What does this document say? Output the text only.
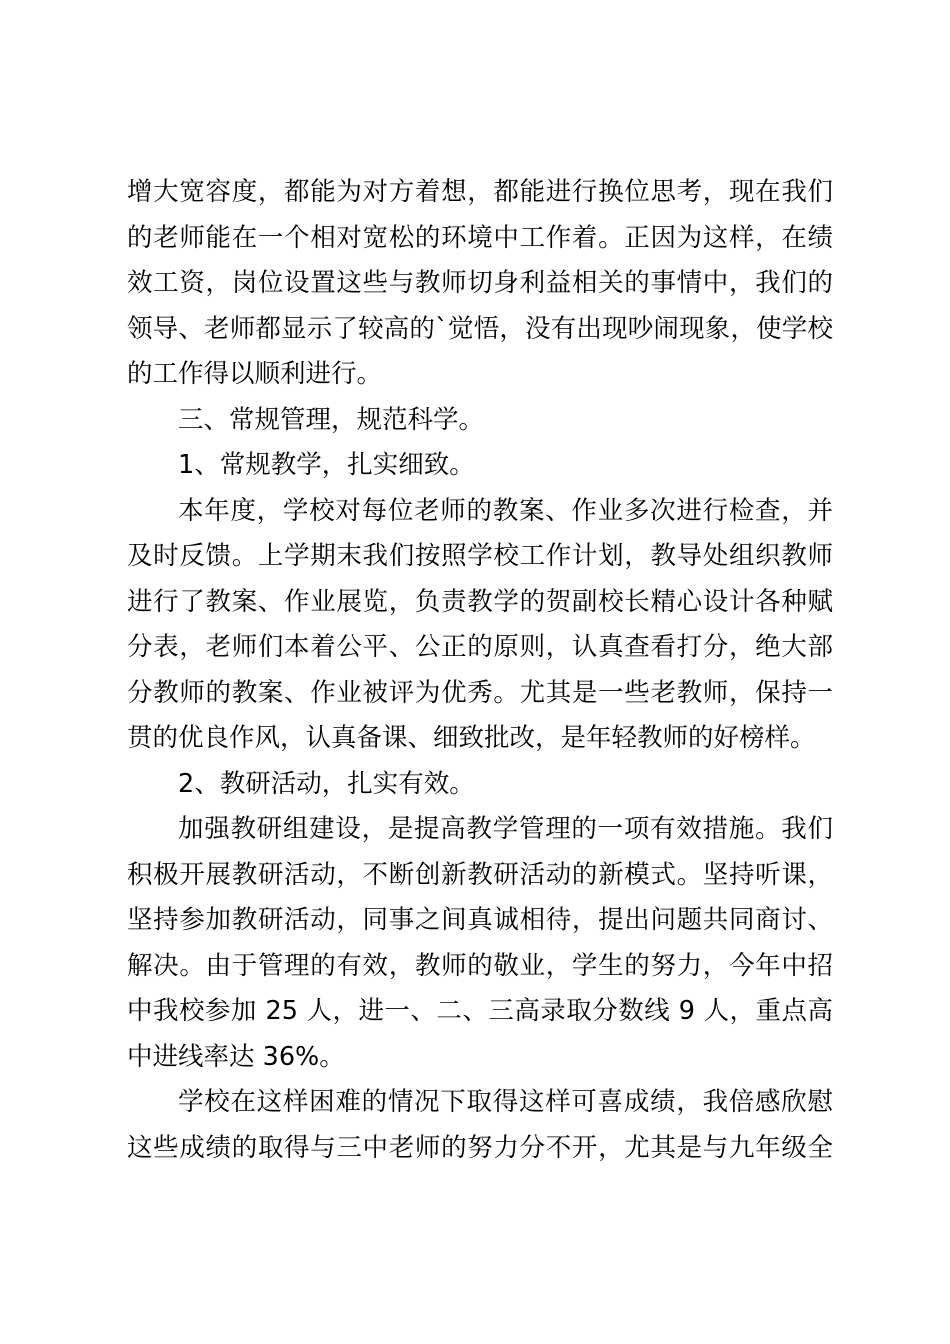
增大宽容度，都能为对方着想，都能进行换位思考，现在我们
的老师能在一个相对宽松的环境中工作着。正因为这样，在绩
效工资，岗位设置这些与教师切身利益相关的事情中，我们的
领导、老师都显示了较高的`觉悟，没有出现吵闹现象，使学校
的工作得以顺利进行。
三、常规管理，规范科学。
1、常规教学，扎实细致。
本年度，学校对每位老师的教案、作业多次进行检查，并
及时反馈。上学期末我们按照学校工作计划，教导处组织教师
进行了教案、作业展览，负责教学的贺副校长精心设计各种赋
分表，老师们本着公平、公正的原则，认真查看打分，绝大部
分教师的教案、作业被评为优秀。尤其是一些老教师，保持一
贯的优良作风，认真备课、细致批改，是年轻教师的好榜样。
2、教研活动，扎实有效。
加强教研组建设，是提高教学管理的一项有效措施。我们
积极开展教研活动，不断创新教研活动的新模式。坚持听课，
坚持参加教研活动，同事之间真诚相待，提出问题共同商讨、
解决。由于管理的有效，教师的敬业，学生的努力，今年中招
中我校参加 25 人，进一、二、三高录取分数线 9 人，重点高
中进线率达 36%。
学校在这样困难的情况下取得这样可喜成绩，我倍感欣慰
这些成绩的取得与三中老师的努力分不开，尤其是与九年级全
